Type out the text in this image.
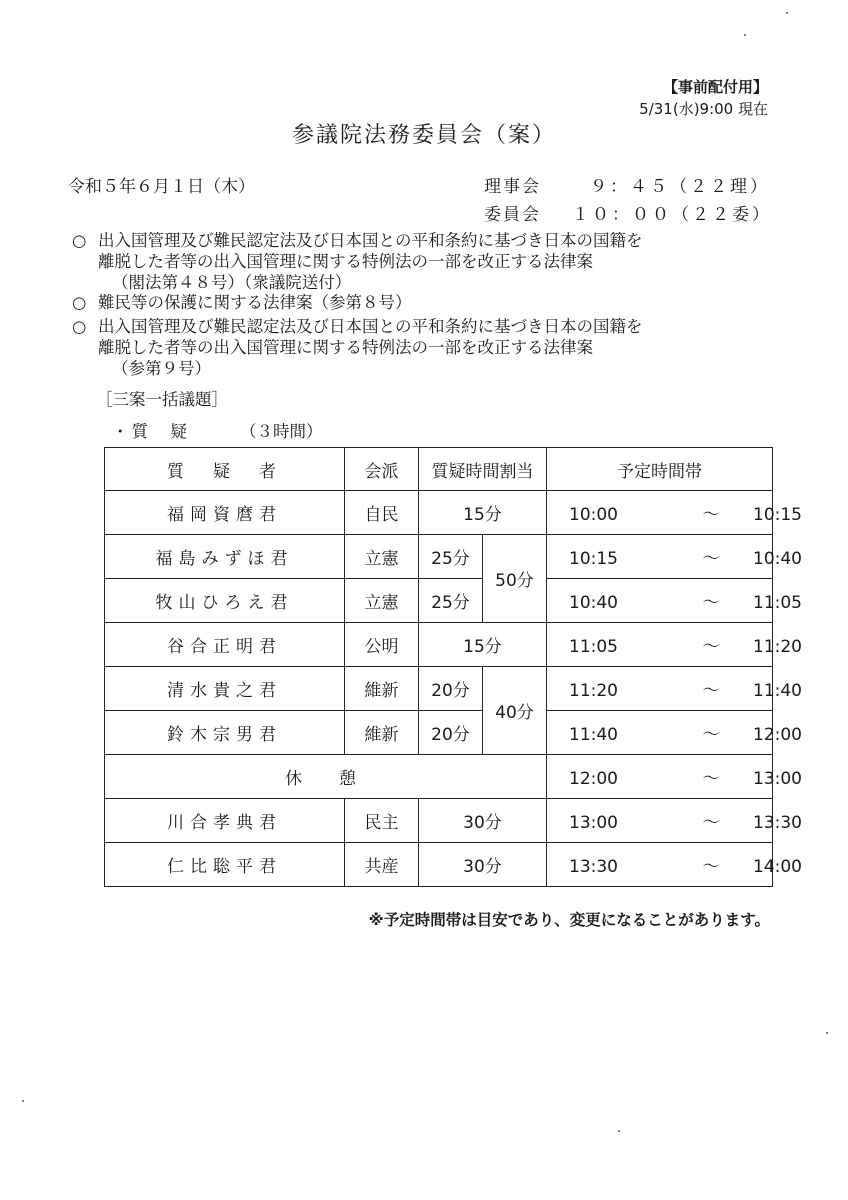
【事前配付用】
5/31(水)9:00 現在
参議院法務委員会（案）
令和５年６月１日（木）	理事会	９：４５（２２理）
委員会 １０：００（２２委）
○ 出入国管理及び難民認定法及び日本国との平和条約に基づき日本の国籍を
離脱した者等の出入国管理に関する特例法の一部を改正する法律案
（閣法第４８号）（衆議院送付）
○ 難民等の保護に関する法律案（参第８号）
○ 出入国管理及び難民認定法及び日本国との平和条約に基づき日本の国籍を
離脱した者等の出入国管理に関する特例法の一部を改正する法律案
（参第９号）
［三案一括議題］
・質　疑	（３時間）
質　疑　者	会派	質疑時間割当		予定時間帯
福岡資麿君	自民	15分		10:00 ～ 10:15
福島みずほ君	立憲	25分	50分	10:15 ～ 10:40
牧山ひろえ君	立憲	25分		10:40 ～ 11:05
谷合正明君	公明	15分		11:05 ～ 11:20
清水貴之君	維新	20分	40分	11:20 ～ 11:40
鈴木宗男君	維新	20分		11:40 ～ 12:00
休　憩				12:00 ～ 13:00
川合孝典君	民主	30分		13:00 ～ 13:30
仁比聡平君	共産	30分		13:30 ～ 14:00
※予定時間帯は目安であり、変更になることがあります。
